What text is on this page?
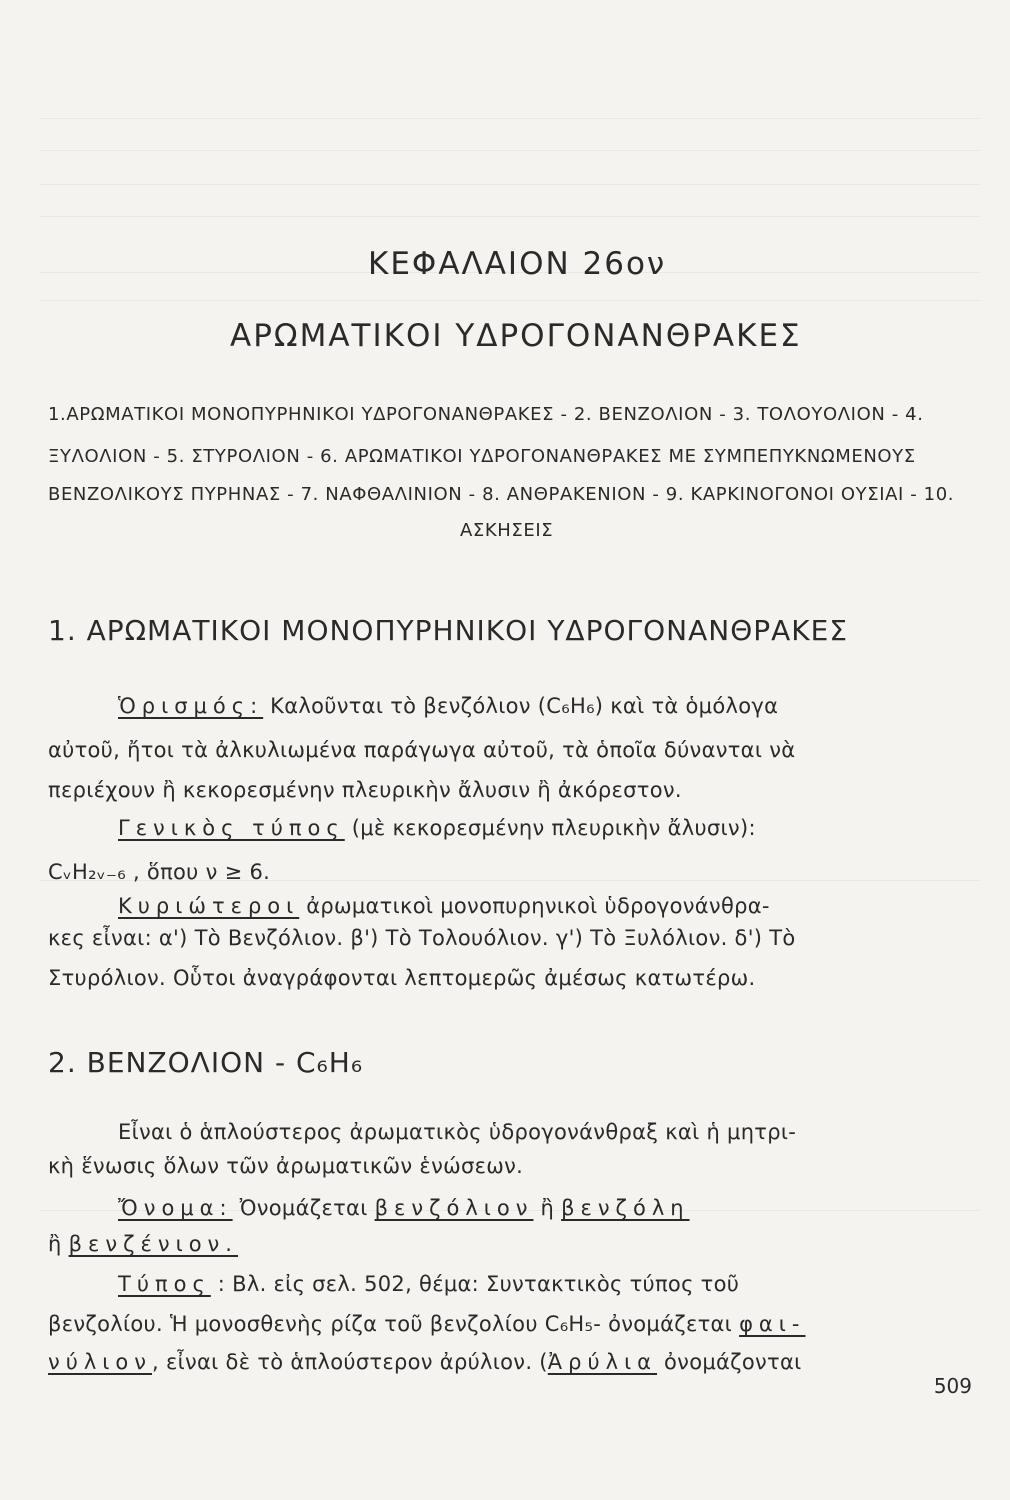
ΚΕΦΑΛΑΙΟΝ 26ον
ΑΡΩΜΑΤΙΚΟΙ ΥΔΡΟΓΟΝΑΝΘΡΑΚΕΣ
1.ΑΡΩΜΑΤΙΚΟΙ ΜΟΝΟΠΥΡΗΝΙΚΟΙ ΥΔΡΟΓΟΝΑΝΘΡΑΚΕΣ - 2. ΒΕΝΖΟΛΙΟΝ - 3. ΤΟΛΟΥΟΛΙΟΝ - 4.
ΞΥΛΟΛΙΟΝ - 5. ΣΤΥΡΟΛΙΟΝ - 6. ΑΡΩΜΑΤΙΚΟΙ ΥΔΡΟΓΟΝΑΝΘΡΑΚΕΣ ΜΕ ΣΥΜΠΕΠΥΚΝΩΜΕΝΟΥΣ
ΒΕΝΖΟΛΙΚΟΥΣ ΠΥΡΗΝΑΣ - 7. ΝΑΦΘΑΛΙΝΙΟΝ - 8. ΑΝΘΡΑΚΕΝΙΟΝ - 9. ΚΑΡΚΙΝΟΓΟΝΟΙ ΟΥΣΙΑΙ - 10.
ΑΣΚΗΣΕΙΣ
1. ΑΡΩΜΑΤΙΚΟΙ ΜΟΝΟΠΥΡΗΝΙΚΟΙ ΥΔΡΟΓΟΝΑΝΘΡΑΚΕΣ
Ὁρισμός: Καλοῦνται τὸ βενζόλιον (C₆H₆) καὶ τὰ ὁμόλογα
αὐτοῦ, ἤτοι τὰ ἀλκυλιωμένα παράγωγα αὐτοῦ, τὰ ὁποῖα δύνανται νὰ
περιέχουν ἢ κεκορεσμένην πλευρικὴν ἄλυσιν ἢ ἀκόρεστον.
Γενικὸς τύπος (μὲ κεκορεσμένην πλευρικὴν ἄλυσιν):
CᵥH₂ᵥ₋₆ , ὅπου ν ≥ 6.
Κυριώτεροι ἀρωματικοὶ μονοπυρηνικοὶ ὑδρογονάνθρα-
κες εἶναι: α') Τὸ Βενζόλιον. β') Τὸ Τολουόλιον. γ') Τὸ Ξυλόλιον. δ') Τὸ
Στυρόλιον. Οὗτοι ἀναγράφονται λεπτομερῶς ἀμέσως κατωτέρω.
2. ΒΕΝΖΟΛΙΟΝ - C₆H₆
Εἶναι ὁ ἁπλούστερος ἀρωματικὸς ὑδρογονάνθραξ καὶ ἡ μητρι-
κὴ ἕνωσις ὅλων τῶν ἀρωματικῶν ἑνώσεων.
Ὄνομα: Ὀνομάζεται βενζόλιον ἢ βενζόλη
ἢ βενζένιον.
Τύπος : Βλ. εἰς σελ. 502, θέμα: Συντακτικὸς τύπος τοῦ
βενζολίου. Ἡ μονοσθενὴς ρίζα τοῦ βενζολίου C₆H₅- ὀνομάζεται φαι-
νύλιον, εἶναι δὲ τὸ ἁπλούστερον ἀρύλιον. (Ἀρύλια ὀνομάζονται
509
